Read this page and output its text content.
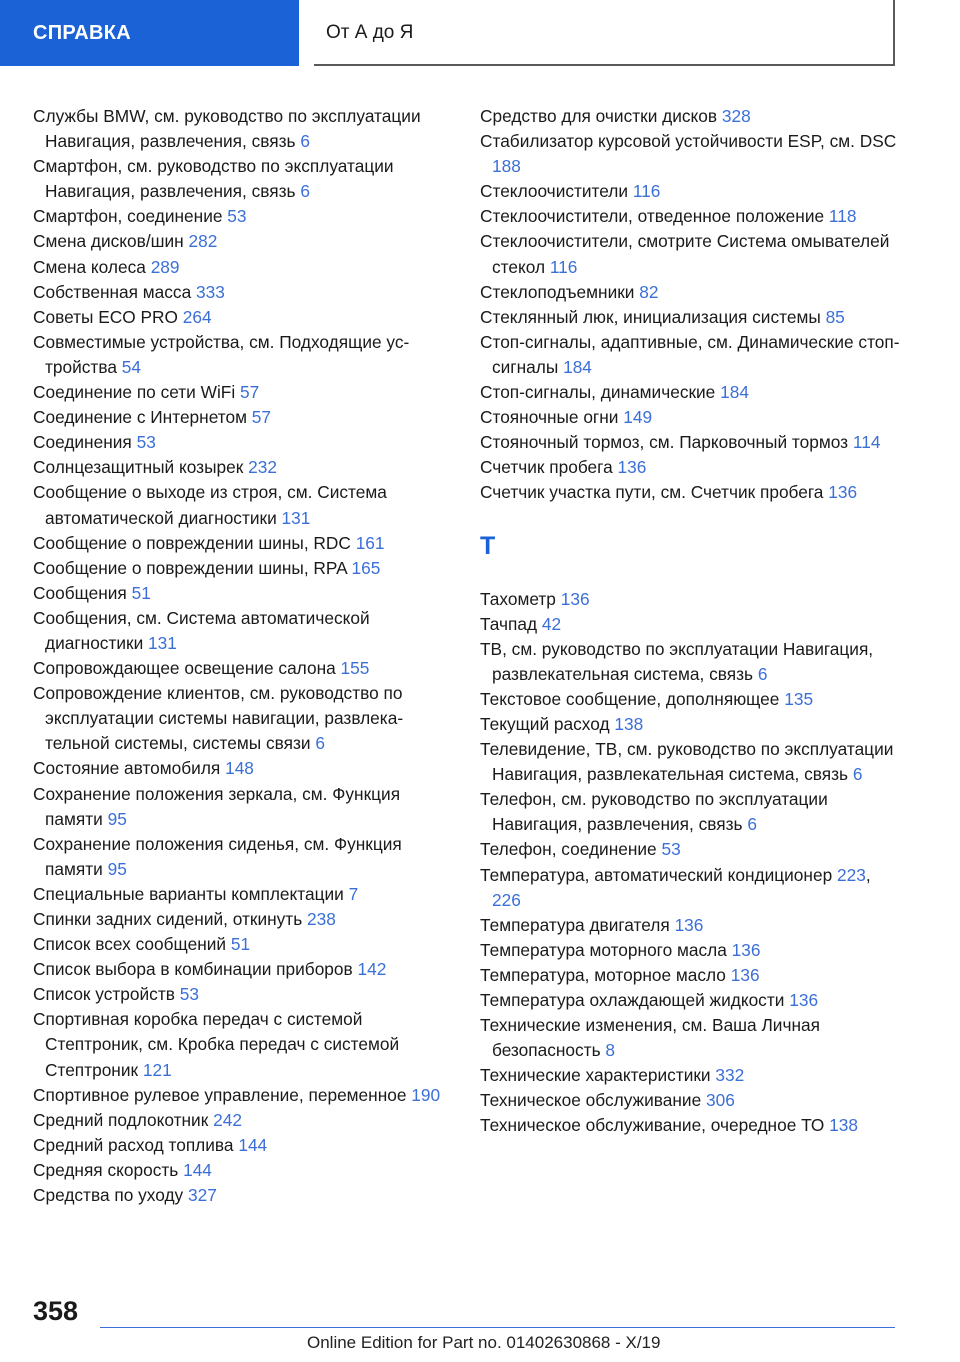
СПРАВКА	От А до Я
Службы BMW, см. руководство по эксплуатации Навигация, развлечения, связь 6
Смартфон, см. руководство по эксплуатации Навигация, развлечения, связь 6
Смартфон, соединение 53
Смена дисков/шин 282
Смена колеса 289
Собственная масса 333
Советы ECO PRO 264
Совместимые устройства, см. Подходящие устройства 54
Соединение по сети WiFi 57
Соединение с Интернетом 57
Соединения 53
Солнцезащитный козырек 232
Сообщение о выходе из строя, см. Система автоматической диагностики 131
Сообщение о повреждении шины, RDC 161
Сообщение о повреждении шины, RPA 165
Сообщения 51
Сообщения, см. Система автоматической диагностики 131
Сопровождающее освещение салона 155
Сопровождение клиентов, см. руководство по эксплуатации системы навигации, развлекательной системы, системы связи 6
Состояние автомобиля 148
Сохранение положения зеркала, см. Функция памяти 95
Сохранение положения сиденья, см. Функция памяти 95
Специальные варианты комплектации 7
Спинки задних сидений, откинуть 238
Список всех сообщений 51
Список выбора в комбинации приборов 142
Список устройств 53
Спортивная коробка передач с системой Стептроник, см. Кробка передач с системой Стептроник 121
Спортивное рулевое управление, переменное 190
Средний подлокотник 242
Средний расход топлива 144
Средняя скорость 144
Средства по уходу 327
Средство для очистки дисков 328
Стабилизатор курсовой устойчивости ESP, см. DSC 188
Стеклоочистители 116
Стеклоочистители, отведенное положение 118
Стеклоочистители, смотрите Система омывателей стекол 116
Стеклоподъемники 82
Стеклянный люк, инициализация системы 85
Стоп-сигналы, адаптивные, см. Динамические стоп-сигналы 184
Стоп-сигналы, динамические 184
Стояночные огни 149
Стояночный тормоз, см. Парковочный тормоз 114
Счетчик пробега 136
Счетчик участка пути, см. Счетчик пробега 136
Т
Тахометр 136
Тачпад 42
ТВ, см. руководство по эксплуатации Навигация, развлекательная система, связь 6
Текстовое сообщение, дополняющее 135
Текущий расход 138
Телевидение, ТВ, см. руководство по эксплуатации Навигация, развлекательная система, связь 6
Телефон, см. руководство по эксплуатации Навигация, развлечения, связь 6
Телефон, соединение 53
Температура, автоматический кондиционер 223, 226
Температура двигателя 136
Температура моторного масла 136
Температура, моторное масло 136
Температура охлаждающей жидкости 136
Технические изменения, см. Ваша Личная безопасность 8
Технические характеристики 332
Техническое обслуживание 306
Техническое обслуживание, очередное ТО 138
358
Online Edition for Part no. 01402630868 - X/19
